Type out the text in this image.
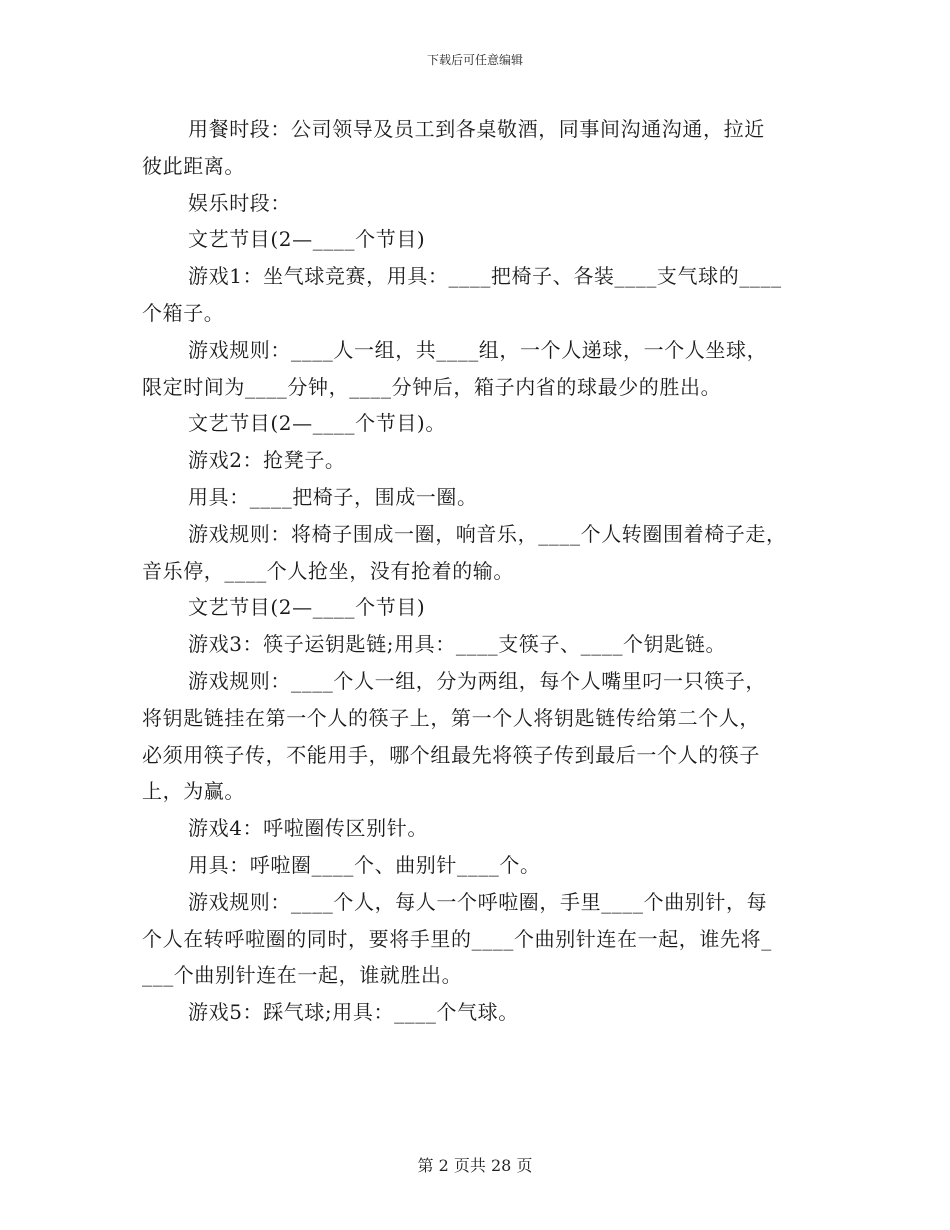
下载后可任意编辑
用餐时段：公司领导及员工到各桌敬酒，同事间沟通沟通，拉近
彼此距离。
娱乐时段：
文艺节目(2—____个节目)
游戏1：坐气球竞赛，用具：____把椅子、各装____支气球的____
个箱子。
游戏规则：____人一组，共____组，一个人递球，一个人坐球，
限定时间为____分钟，____分钟后，箱子内省的球最少的胜出。
文艺节目(2—____个节目)。
游戏2：抢凳子。
用具：____把椅子，围成一圈。
游戏规则：将椅子围成一圈，响音乐，____个人转圈围着椅子走，
音乐停，____个人抢坐，没有抢着的输。
文艺节目(2—____个节目)
游戏3：筷子运钥匙链;用具：____支筷子、____个钥匙链。
游戏规则：____个人一组，分为两组，每个人嘴里叼一只筷子，
将钥匙链挂在第一个人的筷子上，第一个人将钥匙链传给第二个人，
必须用筷子传，不能用手，哪个组最先将筷子传到最后一个人的筷子
上，为赢。
游戏4：呼啦圈传区别针。
用具：呼啦圈____个、曲别针____个。
游戏规则：____个人，每人一个呼啦圈，手里____个曲别针，每
个人在转呼啦圈的同时，要将手里的____个曲别针连在一起，谁先将_
___个曲别针连在一起，谁就胜出。
游戏5：踩气球;用具：____个气球。
第 2 页共 28 页
